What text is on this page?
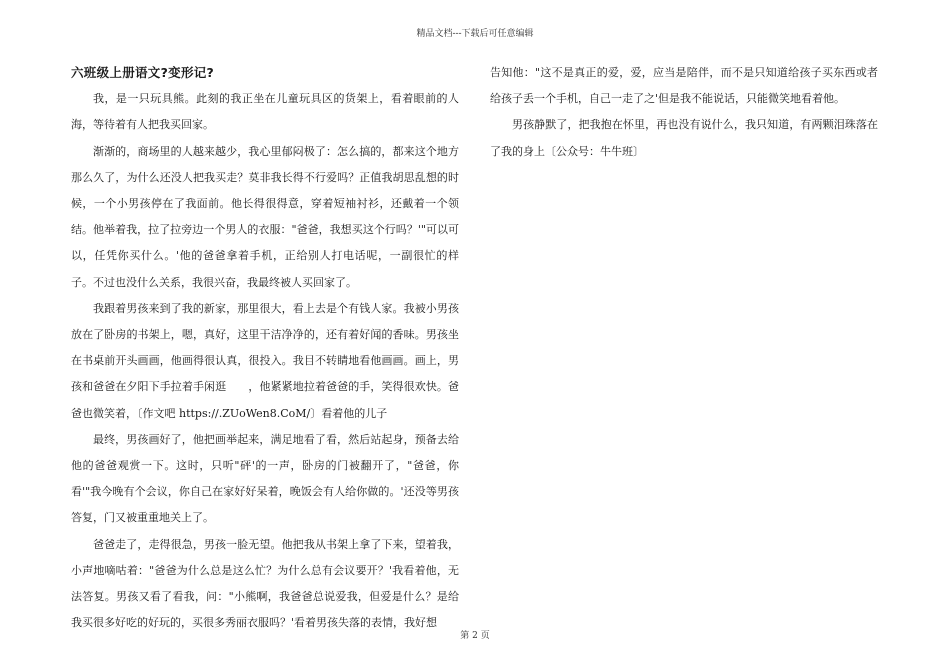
精品文档---下载后可任意编辑
六班级上册语文?变形记?

我，是一只玩具熊。此刻的我正坐在儿童玩具区的货架上，看着眼前的人海，等待着有人把我买回家。

渐渐的，商场里的人越来越少，我心里郁闷极了：怎么搞的，都来这个地方那么久了，为什么还没人把我买走？莫非我长得不行爱吗？正值我胡思乱想的时候，一个小男孩停在了我面前。他长得很得意，穿着短袖衬衫，还戴着一个领结。他举着我，拉了拉旁边一个男人的衣服："爸爸，我想买这个行吗？'"可以可以，任凭你买什么。'他的爸爸拿着手机，正给别人打电话呢，一副很忙的样子。不过也没什么关系，我很兴奋，我最终被人买回家了。

我跟着男孩来到了我的新家，那里很大，看上去是个有钱人家。我被小男孩放在了卧房的书架上，嗯，真好，这里干洁净净的，还有着好闻的香味。男孩坐在书桌前开头画画，他画得很认真，很投入。我目不转睛地看他画画。画上，男孩和爸爸在夕阳下手拉着手闲逛　　，他紧紧地拉着爸爸的手，笑得很欢快。爸爸也微笑着，〔作文吧 https://.ZUoWen8.CoM/〕看着他的儿子

最终，男孩画好了，他把画举起来，满足地看了看，然后站起身，预备去给他的爸爸观赏一下。这时，只听"砰'的一声，卧房的门被翻开了，"爸爸，你看'"我今晚有个会议，你自己在家好好呆着，晚饭会有人给你做的。'还没等男孩答复，门又被重重地关上了。

爸爸走了，走得很急，男孩一脸无望。他把我从书架上拿了下来，望着我，小声地嘀咕着："爸爸为什么总是这么忙？为什么总有会议要开？'我看着他，无法答复。男孩又看了看我，问："小熊啊，我爸爸总说爱我，但爱是什么？是给我买很多好吃的好玩的，买很多秀丽衣服吗？'看着男孩失落的表情，我好想

告知他："这不是真正的爱，爱，应当是陪伴，而不是只知道给孩子买东西或者给孩子丢一个手机，自己一走了之'但是我不能说话，只能微笑地看着他。

男孩静默了，把我抱在怀里，再也没有说什么，我只知道，有两颗泪珠落在了我的身上〔公众号：牛牛班〕

第 2 页
